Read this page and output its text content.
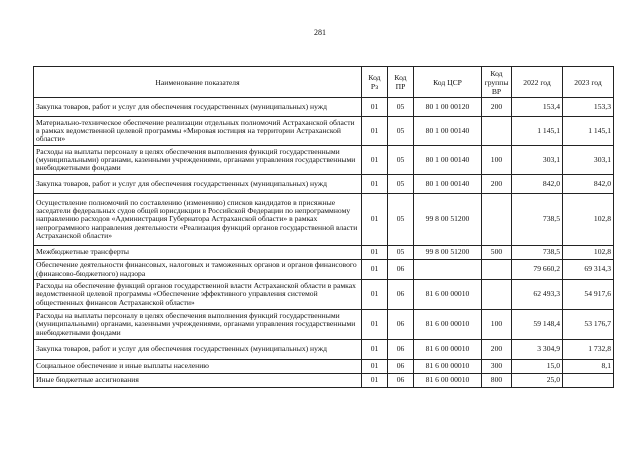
281
Наименование показателя	Код Рз	Код ПР	Код ЦСР	Код группы ВР	2022 год	2023 год
Закупка товаров, работ и услуг для обеспечения государственных (муниципальных) нужд	01	05	80 1 00 00120	200	153,4	153,3
Материально-техническое обеспечение реализации отдельных полномочий Астраханской области в рамках ведомственной целевой программы «Мировая юстиция на территории Астраханской области»	01	05	80 1 00 00140		1 145,1	1 145,1
Расходы на выплаты персоналу в целях обеспечения выполнения функций государственными (муниципальными) органами, казенными учреждениями, органами управления государственными внебюджетными фондами	01	05	80 1 00 00140	100	303,1	303,1
Закупка товаров, работ и услуг для обеспечения государственных (муниципальных) нужд	01	05	80 1 00 00140	200	842,0	842,0
Осуществление полномочий по составлению (изменению) списков кандидатов в присяжные заседатели федеральных судов общей юрисдикции в Российской Федерации по непрограммному направлению расходов «Администрация Губернатора Астраханской области» в рамках непрограммного направления деятельности «Реализация функций органов государственной власти Астраханской области»	01	05	99 8 00 51200		738,5	102,8
Межбюджетные трансферты	01	05	99 8 00 51200	500	738,5	102,8
Обеспечение деятельности финансовых, налоговых и таможенных органов и органов финансового (финансово-бюджетного) надзора	01	06			79 660,2	69 314,3
Расходы на обеспечение функций органов государственной власти Астраханской области в рамках ведомственной целевой программы «Обеспечение эффективного управления системой общественных финансов Астраханской области»	01	06	81 6 00 00010		62 493,3	54 917,6
Расходы на выплаты персоналу в целях обеспечения выполнения функций государственными (муниципальными) органами, казенными учреждениями, органами управления государственными внебюджетными фондами	01	06	81 6 00 00010	100	59 148,4	53 176,7
Закупка товаров, работ и услуг для обеспечения государственных (муниципальных) нужд	01	06	81 6 00 00010	200	3 304,9	1 732,8
Социальное обеспечение и иные выплаты населению	01	06	81 6 00 00010	300	15,0	8,1
Иные бюджетные ассигнования	01	06	81 6 00 00010	800	25,0	
